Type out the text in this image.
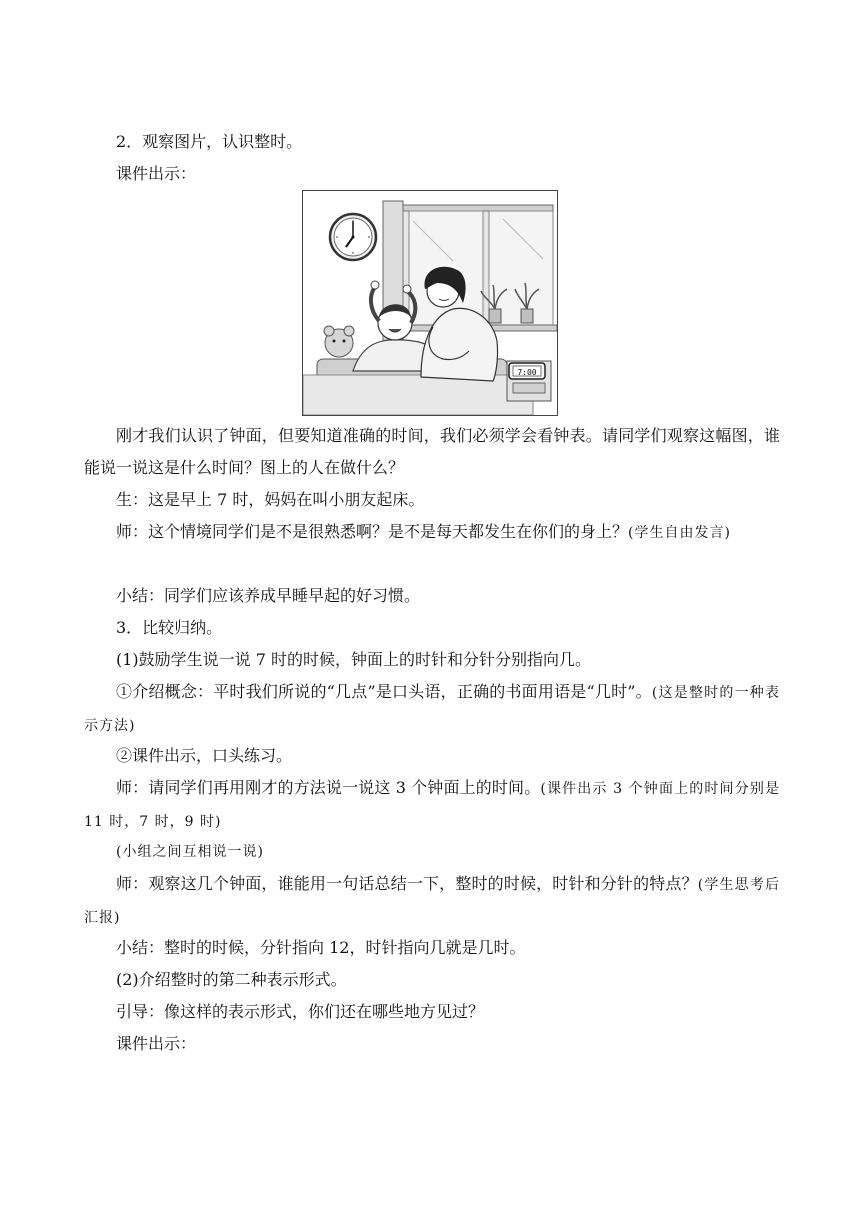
2．观察图片，认识整时。

课件出示：

7:00

刚才我们认识了钟面，但要知道准确的时间，我们必须学会看钟表。请同学们观察这幅图，谁能说一说这是什么时间？图上的人在做什么？

生：这是早上 7 时，妈妈在叫小朋友起床。

师：这个情境同学们是不是很熟悉啊？是不是每天都发生在你们的身上？(学生自由发言)

小结：同学们应该养成早睡早起的好习惯。

3．比较归纳。

(1)鼓励学生说一说 7 时的时候，钟面上的时针和分针分别指向几。

①介绍概念：平时我们所说的“几点”是口头语，正确的书面用语是“几时”。(这是整时的一种表示方法)

②课件出示，口头练习。

师：请同学们再用刚才的方法说一说这 3 个钟面上的时间。(课件出示 3 个钟面上的时间分别是 11 时，7 时，9 时)

(小组之间互相说一说)

师：观察这几个钟面，谁能用一句话总结一下，整时的时候，时针和分针的特点？(学生思考后汇报)

小结：整时的时候，分针指向 12，时针指向几就是几时。

(2)介绍整时的第二种表示形式。

引导：像这样的表示形式，你们还在哪些地方见过？

课件出示：
